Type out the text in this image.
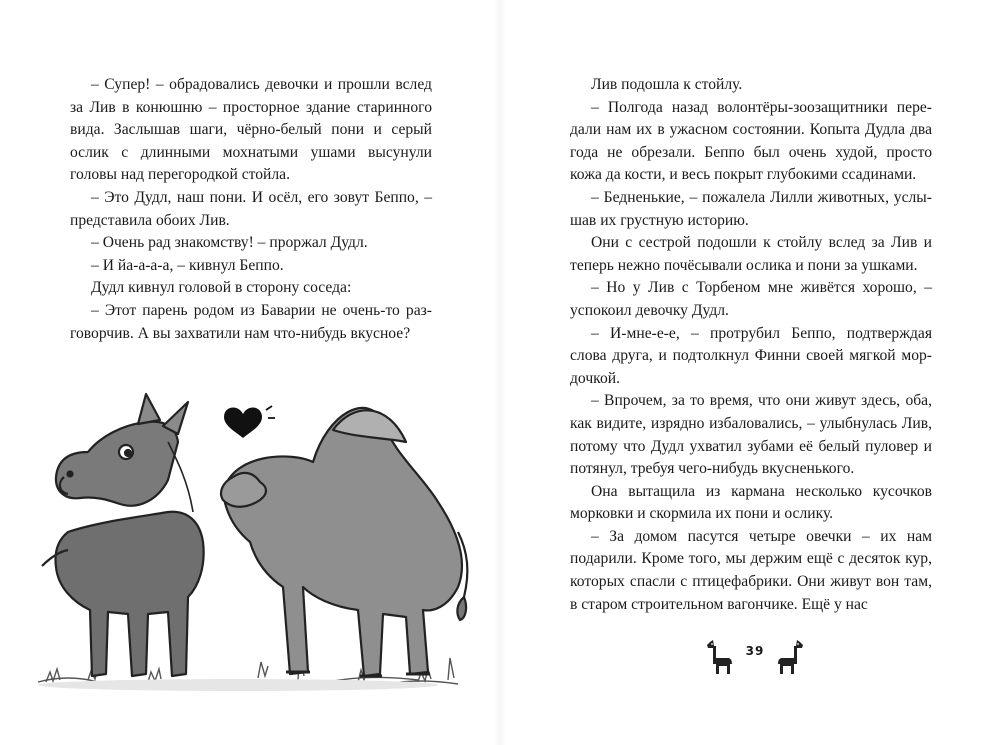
– Супер! – обрадовались девочки и прошли вслед за Лив в конюшню – просторное здание старинного вида. Заслышав шаги, чёрно-белый пони и серый ослик с длинными мохнатыми ушами высунули головы над перегородкой стойла.

– Это Дудл, наш пони. И осёл, его зовут Беппо, – представила обоих Лив.

– Очень рад знакомству! – проржал Дудл.

– И йа-а-а-а, – кивнул Беппо.

Дудл кивнул головой в сторону соседа:

– Этот парень родом из Баварии не очень-то разговорчив. А вы захватили нам что-нибудь вкусное?

Лив подошла к стойлу.

– Полгода назад волонтёры-зоозащитники передали нам их в ужасном состоянии. Копыта Дудла два года не обрезали. Беппо был очень худой, просто кожа да кости, и весь покрыт глубокими ссадинами.

– Бедненькие, – пожалела Лилли животных, услышав их грустную историю.

Они с сестрой подошли к стойлу вслед за Лив и теперь нежно почёсывали ослика и пони за ушками.

– Но у Лив с Торбеном мне живётся хорошо, – успокоил девочку Дудл.

– И-мне-е-е, – протрубил Беппо, подтверждая слова друга, и подтолкнул Финни своей мягкой мордочкой.

– Впрочем, за то время, что они живут здесь, оба, как видите, изрядно избаловались, – улыбнулась Лив, потому что Дудл ухватил зубами её белый пуловер и потянул, требуя чего-нибудь вкусненького.

Она вытащила из кармана несколько кусочков морковки и скормила их пони и ослику.

– За домом пасутся четыре овечки – их нам подарили. Кроме того, мы держим ещё с десяток кур, которых спасли с птицефабрики. Они живут вон там, в старом строительном вагончике. Ещё у нас

39
